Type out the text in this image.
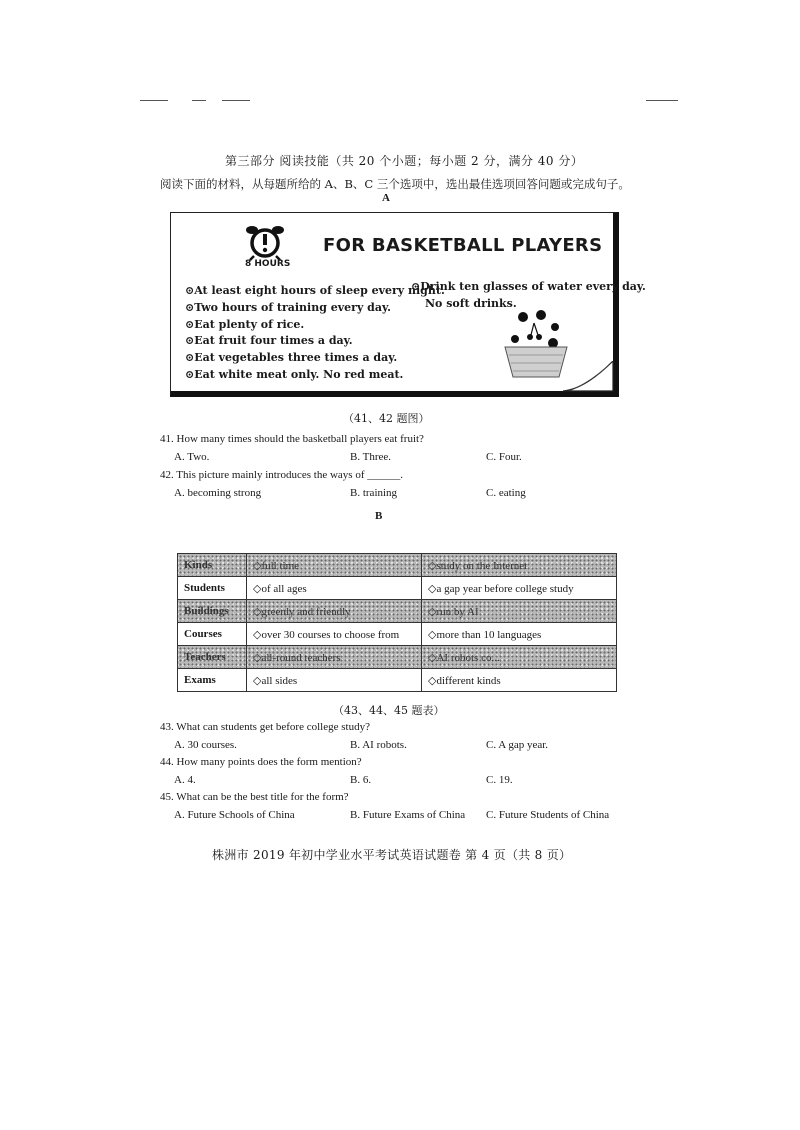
第三部分 阅读技能（共 20 个小题；每小题 2 分，满分 40 分）
阅读下面的材料，从每题所给的 A、B、C 三个选项中，选出最佳选项回答问题或完成句子。
A
8 HOURS
FOR BASKETBALL PLAYERS
⊙At least eight hours of sleep every night.
⊙Two hours of training every day.
⊙Eat plenty of rice.
⊙Eat fruit four times a day.
⊙Eat vegetables three times a day.
⊙Eat white meat only. No red meat.
⊙Drink ten glasses of water every day.
No soft drinks.
（41、42 题图）
41. How many times should the basketball players eat fruit?
A. Two.	B. Three.	C. Four.
42. This picture mainly introduces the ways of ______.
A. becoming strong	B. training	C. eating
B
Kinds	◇full time	◇study on the Internet
Students	◇of all ages	◇a gap year before college study
Buildings	◇greenly and friendly	◇run by AI
Courses	◇over 30 courses to choose from	◇more than 10 languages
Teachers	◇all-round teachers	◇AI robots co...
Exams	◇all sides	◇different kinds
（43、44、45 题表）
43. What can students get before college study?
A. 30 courses.	B. AI robots.	C. A gap year.
44. How many points does the form mention?
A. 4.	B. 6.	C. 19.
45. What can be the best title for the form?
A. Future Schools of China	B. Future Exams of China C. Future Students of China
株洲市 2019 年初中学业水平考试英语试题卷 第 4 页（共 8 页）
